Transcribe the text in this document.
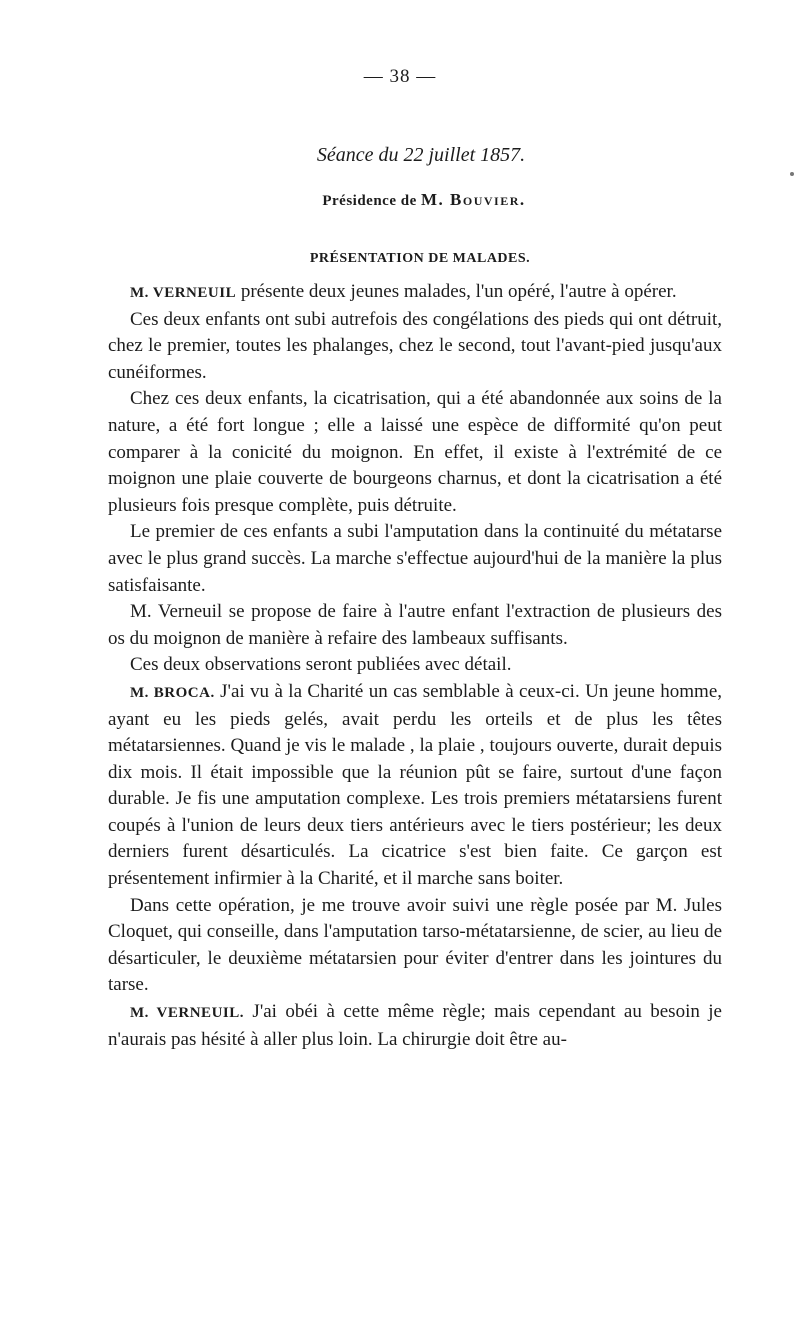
— 38 —
Séance du 22 juillet 1857.
Présidence de M. Bouvier.
PRÉSENTATION DE MALADES.

M. VERNEUIL présente deux jeunes malades, l'un opéré, l'autre à opérer.

Ces deux enfants ont subi autrefois des congélations des pieds qui ont détruit, chez le premier, toutes les phalanges, chez le second, tout l'avant-pied jusqu'aux cunéiformes.

Chez ces deux enfants, la cicatrisation, qui a été abandonnée aux soins de la nature, a été fort longue ; elle a laissé une espèce de difformité qu'on peut comparer à la conicité du moignon. En effet, il existe à l'extrémité de ce moignon une plaie couverte de bourgeons charnus, et dont la cicatrisation a été plusieurs fois presque complète, puis détruite.

Le premier de ces enfants a subi l'amputation dans la continuité du métatarse avec le plus grand succès. La marche s'effectue aujourd'hui de la manière la plus satisfaisante.

M. Verneuil se propose de faire à l'autre enfant l'extraction de plusieurs des os du moignon de manière à refaire des lambeaux suffisants.

Ces deux observations seront publiées avec détail.

M. BROCA. J'ai vu à la Charité un cas semblable à ceux-ci. Un jeune homme, ayant eu les pieds gelés, avait perdu les orteils et de plus les têtes métatarsiennes. Quand je vis le malade , la plaie , toujours ouverte, durait depuis dix mois. Il était impossible que la réunion pût se faire, surtout d'une façon durable. Je fis une amputation complexe. Les trois premiers métatarsiens furent coupés à l'union de leurs deux tiers antérieurs avec le tiers postérieur; les deux derniers furent désarticulés. La cicatrice s'est bien faite. Ce garçon est présentement infirmier à la Charité, et il marche sans boiter.

Dans cette opération, je me trouve avoir suivi une règle posée par M. Jules Cloquet, qui conseille, dans l'amputation tarso-métatarsienne, de scier, au lieu de désarticuler, le deuxième métatarsien pour éviter d'entrer dans les jointures du tarse.

M. VERNEUIL. J'ai obéi à cette même règle; mais cependant au besoin je n'aurais pas hésité à aller plus loin. La chirurgie doit être au-
